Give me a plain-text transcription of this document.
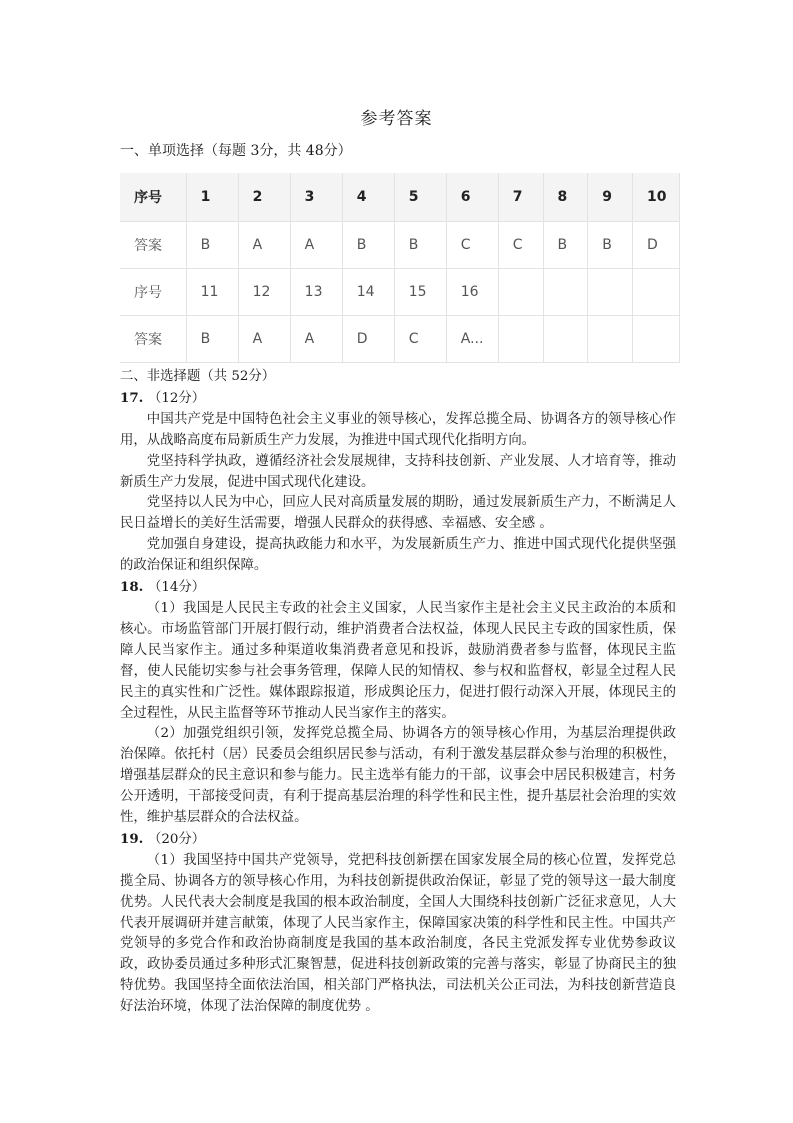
参考答案
一、单项选择（每题 3分，共 48分）
序号	1	2	3	4	5	6	7	8	9	10
答案	B	A	A	B	B	C	C	B	B	D
序号	11	12	13	14	15	16				
答案	B	A	A	D	C	A...				

二、非选择题（共 52分）

17. （12分）

中国共产党是中国特色社会主义事业的领导核心，发挥总揽全局、协调各方的领导核心作用，从战略高度布局新质生产力发展，为推进中国式现代化指明方向。

党坚持科学执政，遵循经济社会发展规律，支持科技创新、产业发展、人才培育等，推动新质生产力发展，促进中国式现代化建设。

党坚持以人民为中心，回应人民对高质量发展的期盼，通过发展新质生产力，不断满足人民日益增长的美好生活需要，增强人民群众的获得感、幸福感、安全感 。

党加强自身建设，提高执政能力和水平，为发展新质生产力、推进中国式现代化提供坚强的政治保证和组织保障。

18. （14分）

（1）我国是人民民主专政的社会主义国家，人民当家作主是社会主义民主政治的本质和核心。市场监管部门开展打假行动，维护消费者合法权益，体现人民民主专政的国家性质，保障人民当家作主。通过多种渠道收集消费者意见和投诉，鼓励消费者参与监督，体现民主监督，使人民能切实参与社会事务管理，保障人民的知情权、参与权和监督权，彰显全过程人民民主的真实性和广泛性。媒体跟踪报道，形成舆论压力，促进打假行动深入开展，体现民主的全过程性，从民主监督等环节推动人民当家作主的落实。

（2）加强党组织引领，发挥党总揽全局、协调各方的领导核心作用，为基层治理提供政治保障。依托村（居）民委员会组织居民参与活动，有利于激发基层群众参与治理的积极性，增强基层群众的民主意识和参与能力。民主选举有能力的干部，议事会中居民积极建言，村务公开透明，干部接受问责，有利于提高基层治理的科学性和民主性，提升基层社会治理的实效性，维护基层群众的合法权益。

19. （20分）

（1）我国坚持中国共产党领导，党把科技创新摆在国家发展全局的核心位置，发挥党总揽全局、协调各方的领导核心作用，为科技创新提供政治保证，彰显了党的领导这一最大制度优势。人民代表大会制度是我国的根本政治制度，全国人大围绕科技创新广泛征求意见，人大代表开展调研并建言献策，体现了人民当家作主，保障国家决策的科学性和民主性。中国共产党领导的多党合作和政治协商制度是我国的基本政治制度，各民主党派发挥专业优势参政议政，政协委员通过多种形式汇聚智慧，促进科技创新政策的完善与落实，彰显了协商民主的独特优势。我国坚持全面依法治国，相关部门严格执法，司法机关公正司法，为科技创新营造良好法治环境，体现了法治保障的制度优势 。
